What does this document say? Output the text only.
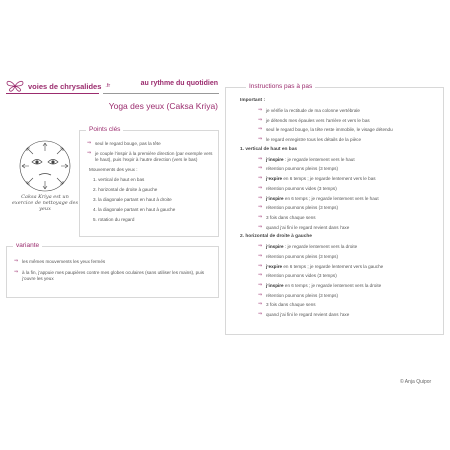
voies de chrysalides .fr	au rythme du quotidien
Yoga des yeux (Caksa Kriya)
Caksa Kriya est un exercice de nettoyage des yeux
Points clés
⇒ seul le regard bouge, pas la tête
⇒ je couple l’inspir à la première direction (par exemple vers le haut), puis l’expir à l’autre direction (vers le bas)
Mouvements des yeux :
1. vertical de haut en bas
2. horizontal de droite à gauche
3. la diagonale partant en haut à droite
4. la diagonale partant en haut à gauche
5. rotation du regard
variante
⇒ les mêmes mouvements les yeux fermés
⇒ à la fin, j’appuie mes paupières contre mes globes oculaires (sans utiliser les mains), puis j’ouvre les yeux
Instructions pas à pas
Important :
⇒ je vérifie la rectitude de ma colonne vertébrale
⇒ je détends mes épaules vers l’arrière et vers le bas
⇒ seul le regard bouge, la tête reste immobile, le visage détendu
⇒ le regard enregistre tous les détails de la pièce
1. vertical de haut en bas
⇒ j’inspire : je regarde lentement vers le haut
⇒ rétention poumons pleins (3 temps)
⇒ j’expire en 6 temps ; je regarde lentement vers le bas
⇒ rétention poumons vides (3 temps)
⇒ j’inspire en 6 temps ; je regarde lentement vers le haut
⇒ rétention poumons pleins (3 temps)
⇒ 3 fois dans chaque sens
⇒ quand j’ai fini le regard revient dans l’axe
2. horizontal de droite à gauche
⇒ j’inspire : je regarde lentement vers la droite
⇒ rétention poumons pleins (3 temps)
⇒ j’expire en 6 temps ; je regarde lentement vers la gauche
⇒ rétention poumons vides (3 temps)
⇒ j’inspire en 6 temps ; je regarde lentement vers la droite
⇒ rétention poumons pleins (3 temps)
⇒ 3 fois dans chaque sens
⇒ quand j’ai fini le regard revient dans l’axe
© Anja Quipor
